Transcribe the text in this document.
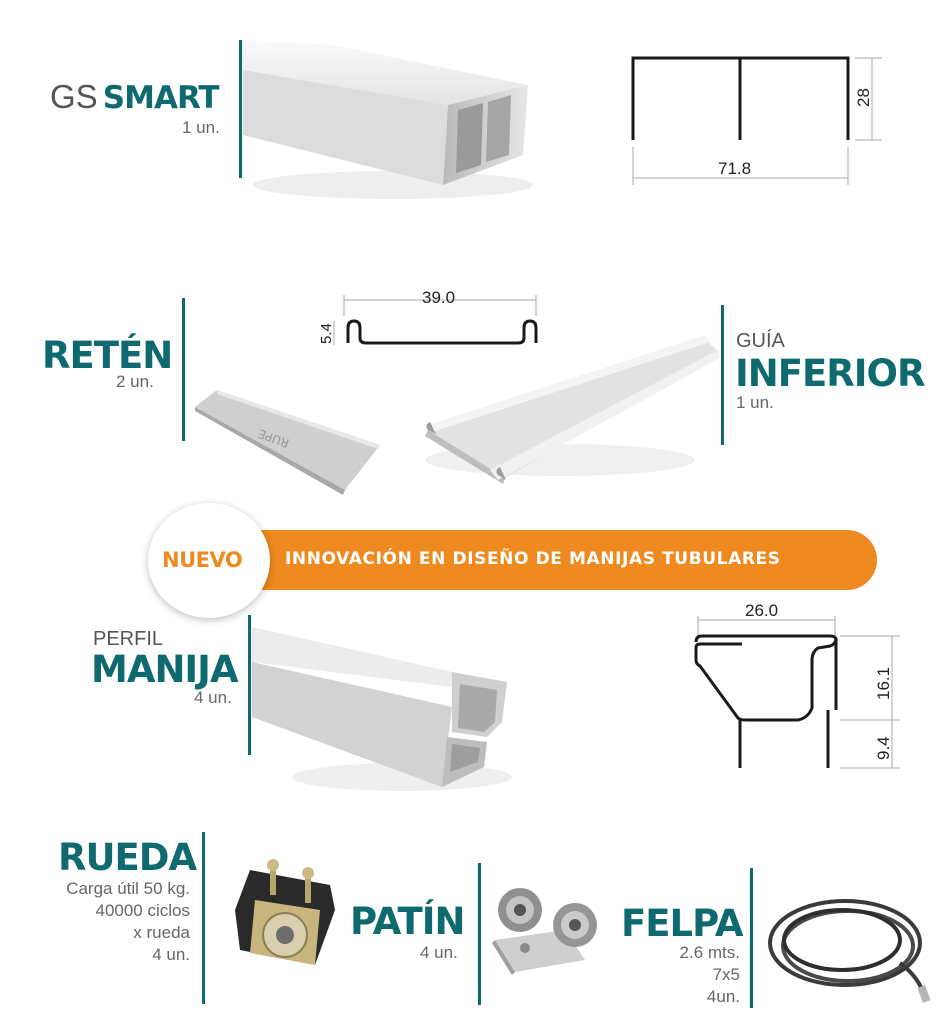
GS SMART
1 un.
28
71.8
RETÉN
2 un.
RUPE
39.0
5.4	GUÍA
INFERIOR
1 un.
INNOVACIÓN EN DISEÑO DE MANIJAS TUBULARES
NUEVO
PERFIL
MANIJA
4 un.
26.0
16.1
9.4
RUEDA
Carga útil 50 kg.
40000 ciclos
x rueda
4 un.
PATÍN
4 un.
FELPA
2.6 mts.
7x5
4un.
